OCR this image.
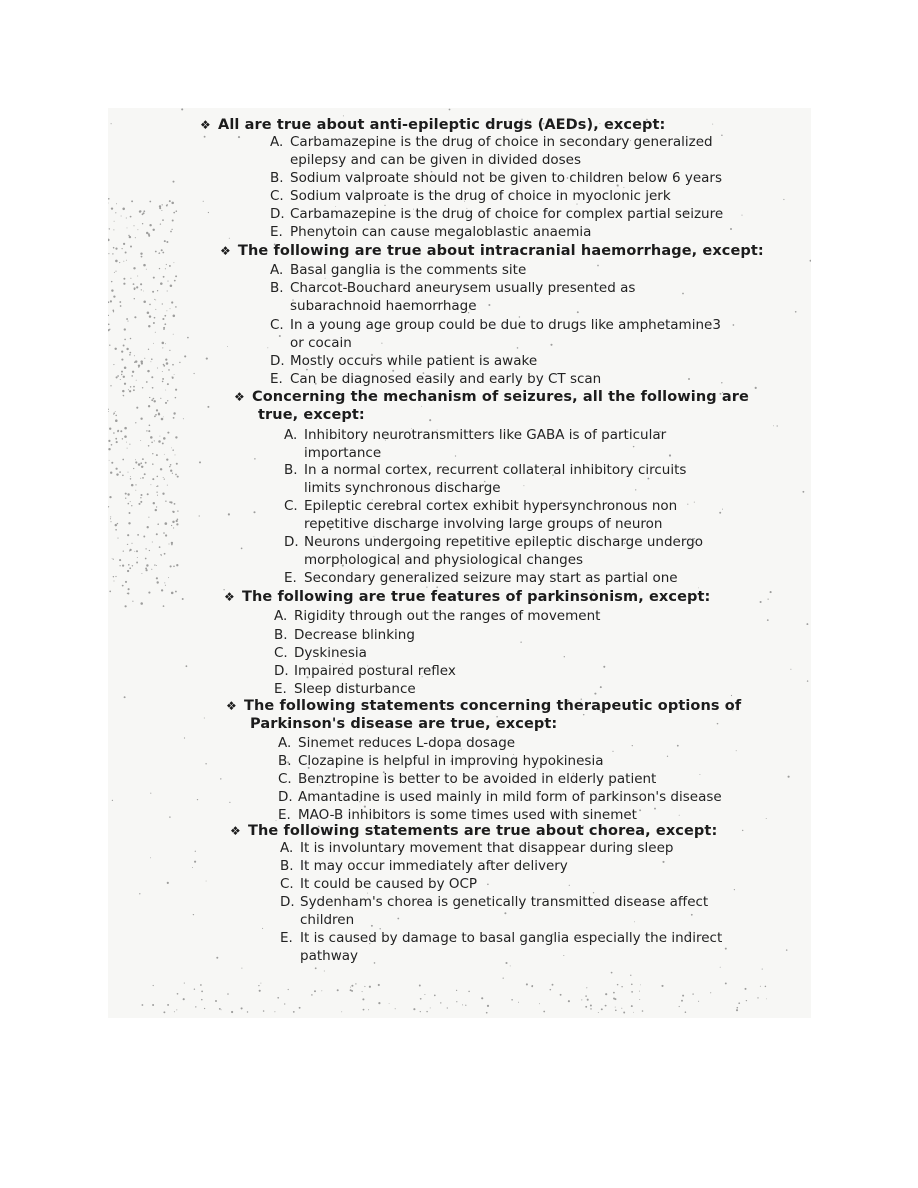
❖ All are true about anti-epileptic drugs (AEDs), except:
A. Carbamazepine is the drug of choice in secondary generalized
epilepsy and can be given in divided doses
B. Sodium valproate should not be given to children below 6 years
C. Sodium valproate is the drug of choice in myoclonic jerk
D. Carbamazepine is the drug of choice for complex partial seizure
E. Phenytoin can cause megaloblastic anaemia
❖ The following are true about intracranial haemorrhage, except:
A. Basal ganglia is the comments site
B. Charcot-Bouchard aneurysem usually presented as
subarachnoid haemorrhage
C. In a young age group could be due to drugs like amphetamine3
or cocain
D. Mostly occurs while patient is awake
E. Can be diagnosed easily and early by CT scan
❖ Concerning the mechanism of seizures, all the following are
true, except:
A. Inhibitory neurotransmitters like GABA is of particular
importance
B. In a normal cortex, recurrent collateral inhibitory circuits
limits synchronous discharge
C. Epileptic cerebral cortex exhibit hypersynchronous non
repetitive discharge involving large groups of neuron
D. Neurons undergoing repetitive epileptic discharge undergo
morphological and physiological changes
E. Secondary generalized seizure may start as partial one
❖ The following are true features of parkinsonism, except:
A. Rigidity through out the ranges of movement
B. Decrease blinking
C. Dyskinesia
D. Impaired postural reflex
E. Sleep disturbance
❖ The following statements concerning therapeutic options of
Parkinson's disease are true, except:
A. Sinemet reduces L-dopa dosage
B. Clozapine is helpful in improving hypokinesia
C. Benztropine is better to be avoided in elderly patient
D. Amantadine is used mainly in mild form of parkinson's disease
E. MAO-B inhibitors is some times used with sinemet
❖ The following statements are true about chorea, except:
A. It is involuntary movement that disappear during sleep
B. It may occur immediately after delivery
C. It could be caused by OCP
D. Sydenham's chorea is genetically transmitted disease affect
children
E. It is caused by damage to basal ganglia especially the indirect
pathway
